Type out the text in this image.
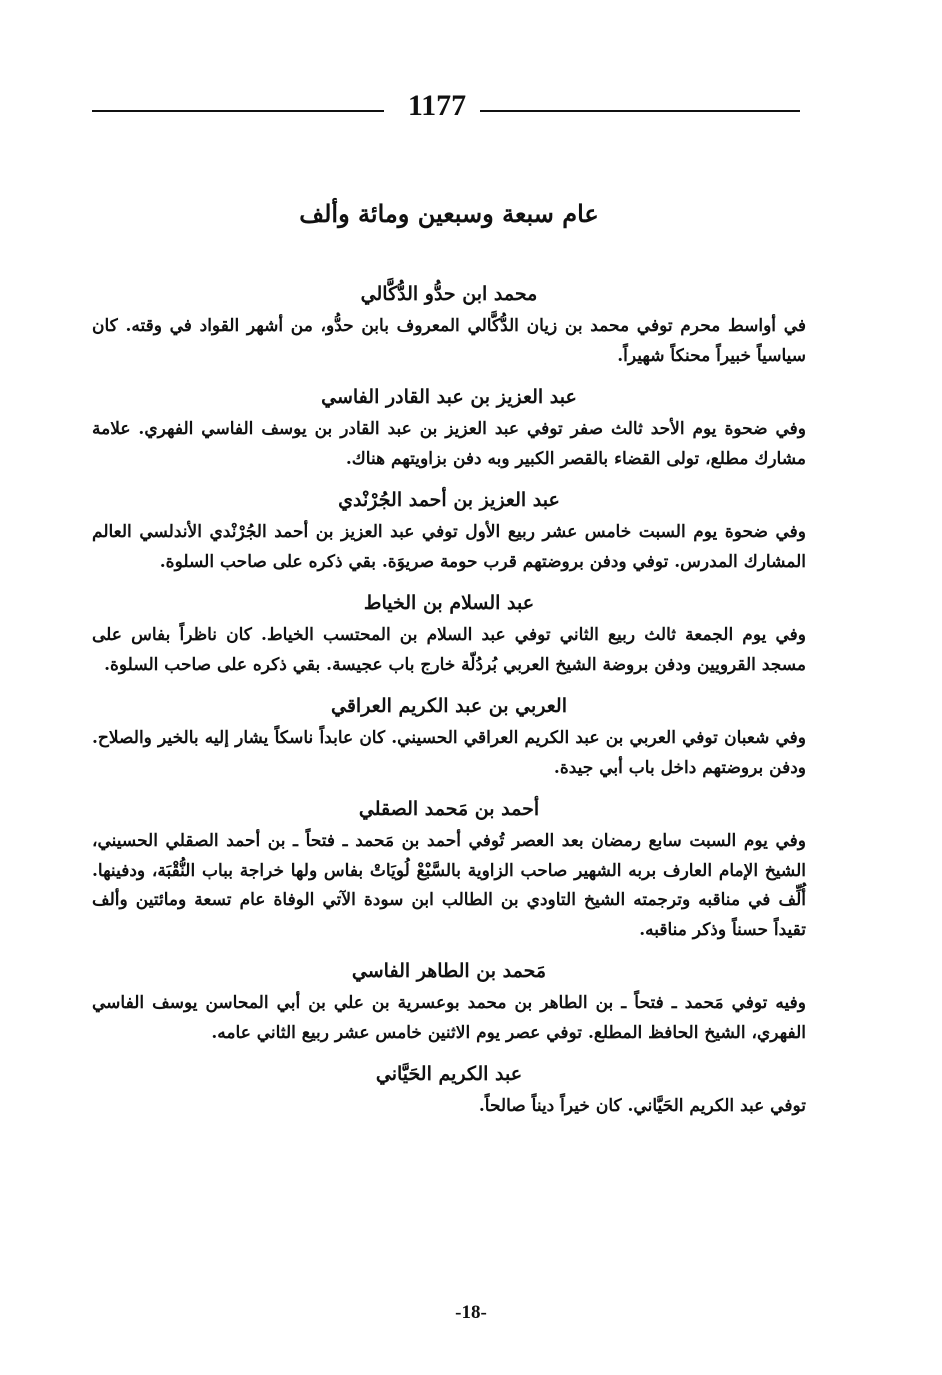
1177
عام سبعة وسبعين ومائة وألف
محمد ابن حدُّو الدُّكَّالي

في أواسط محرم توفي محمد بن زيان الدُّكَّالي المعروف بابن حدُّو، من أشهر القواد في وقته. كان سياسياً خبيراً محنكاً شهيراً.

عبد العزيز بن عبد القادر الفاسي

وفي ضحوة يوم الأحد ثالث صفر توفي عبد العزيز بن عبد القادر بن يوسف الفاسي الفهري. علامة مشارك مطلع، تولى القضاء بالقصر الكبير وبه دفن بزاويتهم هناك.

عبد العزيز بن أحمد الجُرْنْدي

وفي ضحوة يوم السبت خامس عشر ربيع الأول توفي عبد العزيز بن أحمد الجُرْنْدي الأندلسي العالم المشارك المدرس. توفي ودفن بروضتهم قرب حومة صريوَة. بقي ذكره على صاحب السلوة.

عبد السلام بن الخياط

وفي يوم الجمعة ثالث ربيع الثاني توفي عبد السلام بن المحتسب الخياط. كان ناظراً بفاس على مسجد القرويين ودفن بروضة الشيخ العربي بُردُلّة خارج باب عجيسة. بقي ذكره على صاحب السلوة.

العربي بن عبد الكريم العراقي

وفي شعبان توفي العربي بن عبد الكريم العراقي الحسيني. كان عابداً ناسكاً يشار إليه بالخير والصلاح. ودفن بروضتهم داخل باب أبي جيدة.

أحمد بن مَحمد الصقلي

وفي يوم السبت سابع رمضان بعد العصر تُوفي أحمد بن مَحمد ـ فتحاً ـ بن أحمد الصقلي الحسيني، الشيخ الإمام العارف بربه الشهير صاحب الزاوية بالسَّبْعْ لُويَاتْ بفاس ولها خراجة بباب النُّقْبَة، ودفينها. أُلِّف في مناقبه وترجمته الشيخ التاودي بن الطالب ابن سودة الآتي الوفاة عام تسعة ومائتين وألف تقيداً حسناً وذكر مناقبه.

مَحمد بن الطاهر الفاسي

وفيه توفي مَحمد ـ فتحاً ـ بن الطاهر بن محمد بوعسرية بن علي بن أبي المحاسن يوسف الفاسي الفهري، الشيخ الحافظ المطلع. توفي عصر يوم الاثنين خامس عشر ربيع الثاني عامه.

عبد الكريم الحَيَّاني

توفي عبد الكريم الحَيَّاني. كان خيراً ديناً صالحاً.

-18-
